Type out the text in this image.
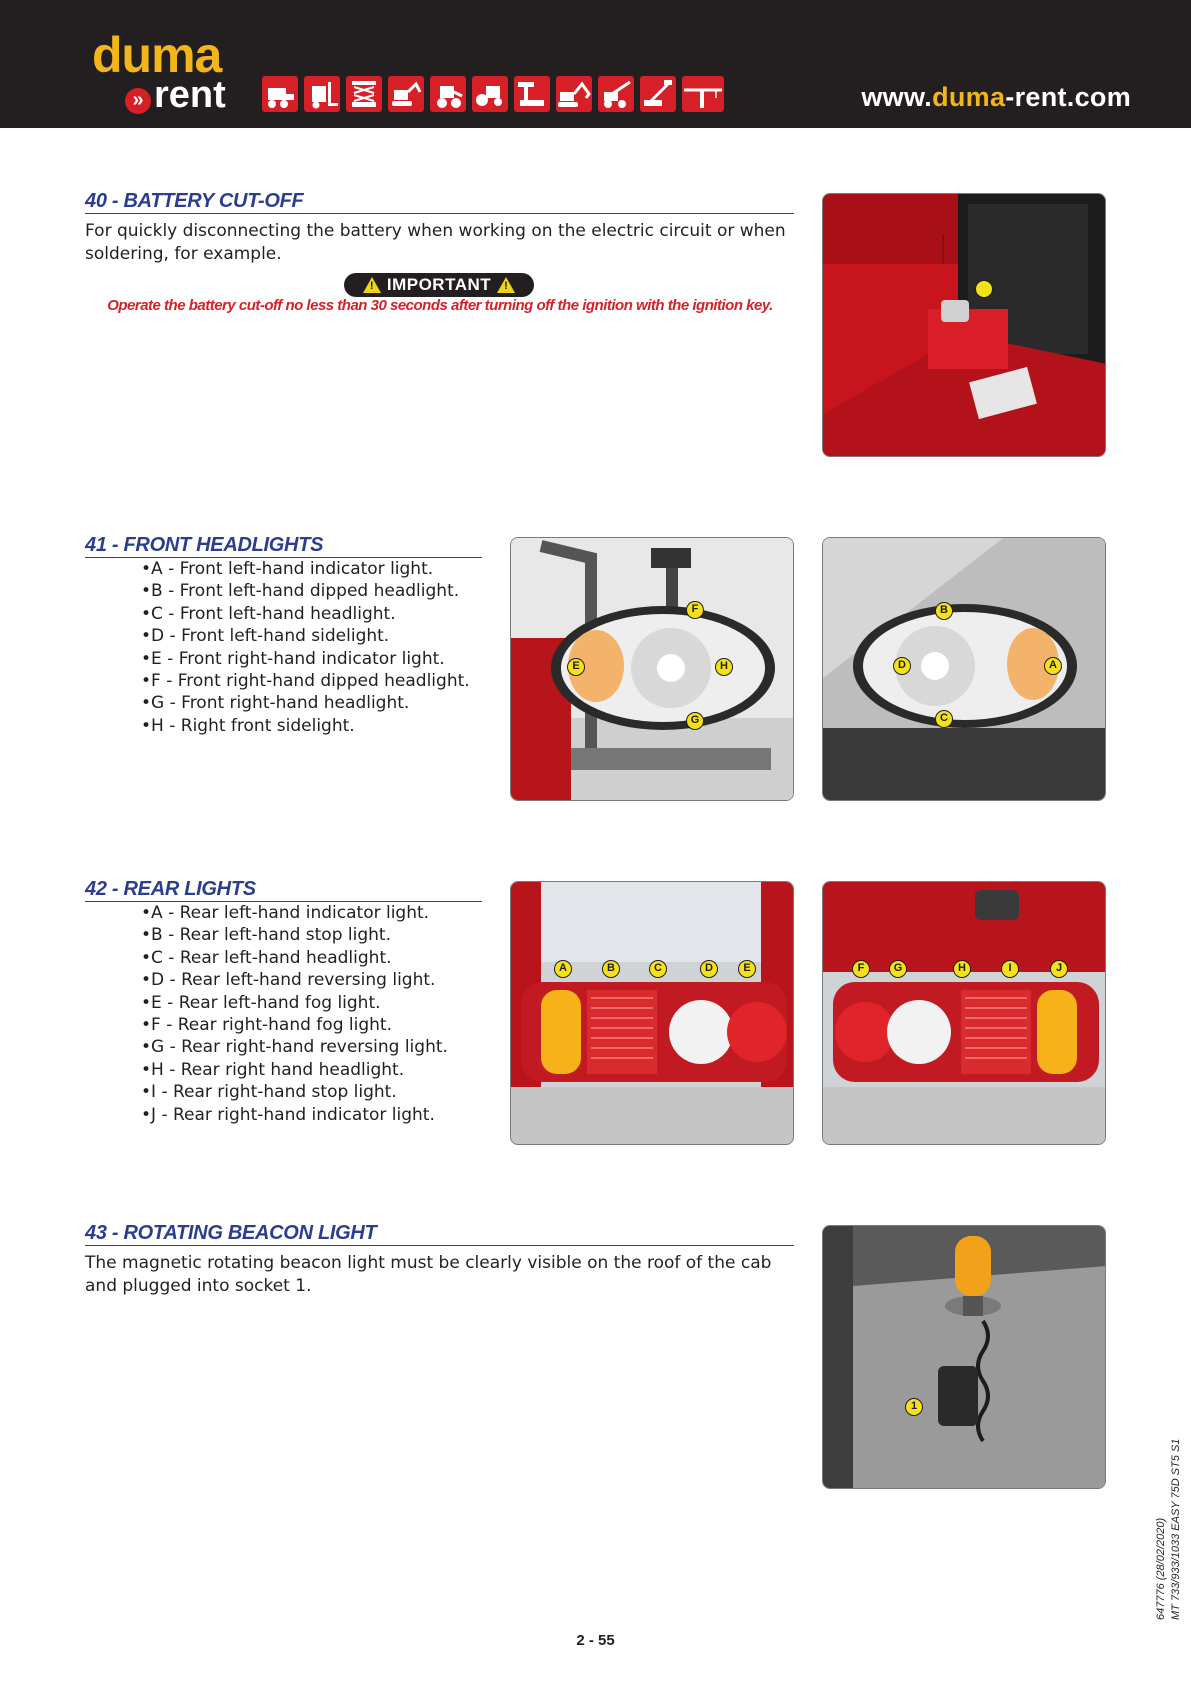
duma
» rent	www.duma-rent.com
40 - BATTERY CUT-OFF
For quickly disconnecting the battery when working on the electric circuit or when soldering, for example.
! IMPORTANT !
Operate the battery cut-off no less than 30 seconds after turning off the ignition with the ignition key.
41 - FRONT HEADLIGHTS
• A - Front left-hand indicator light.
• B - Front left-hand dipped headlight.
• C - Front left-hand headlight.
• D - Front left-hand sidelight.
• E - Front right-hand indicator light.
• F - Front right-hand dipped headlight.
• G - Front right-hand headlight.
• H - Right front sidelight.
F
E	H
G
B
D	A
C
42 - REAR LIGHTS
• A - Rear left-hand indicator light.
• B - Rear left-hand stop light.
• C - Rear left-hand headlight.
• D - Rear left-hand reversing light.
• E - Rear left-hand fog light.
• F - Rear right-hand fog light.
• G - Rear right-hand reversing light.
• H - Rear right hand headlight.
• I - Rear right-hand stop light.
• J - Rear right-hand indicator light.
A	B	C	D	E	F	G	H	I	J
43 - ROTATING BEACON LIGHT
The magnetic rotating beacon light must be clearly visible on the roof of the cab and plugged into socket 1.
1
2 - 55
647776 (28/02/2020) MT 733/933/1033 EASY 75D ST5 S1
